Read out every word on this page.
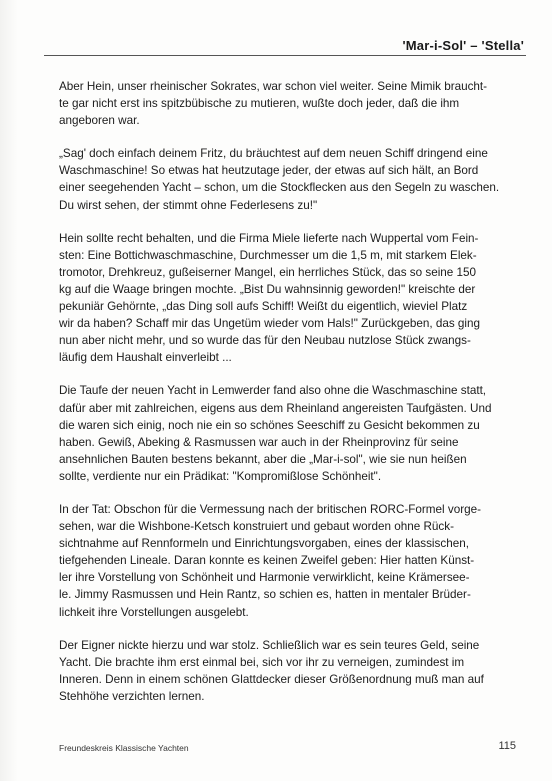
'Mar-i-Sol' – 'Stella'

Aber Hein, unser rheinischer Sokrates, war schon viel weiter. Seine Mimik braucht-
te gar nicht erst ins spitzbübische zu mutieren, wußte doch jeder, daß die ihm
angeboren war.

„Sag' doch einfach deinem Fritz, du bräuchtest auf dem neuen Schiff dringend eine
Waschmaschine! So etwas hat heutzutage jeder, der etwas auf sich hält, an Bord
einer seegehenden Yacht – schon, um die Stockflecken aus den Segeln zu waschen.
Du wirst sehen, der stimmt ohne Federlesens zu!"

Hein sollte recht behalten, und die Firma Miele lieferte nach Wuppertal vom Fein-
sten: Eine Bottichwaschmaschine, Durchmesser um die 1,5 m, mit starkem Elek-
tromotor, Drehkreuz, gußeiserner Mangel, ein herrliches Stück, das so seine 150
kg auf die Waage bringen mochte. „Bist Du wahnsinnig geworden!" kreischte der
pekuniär Gehörnte, „das Ding soll aufs Schiff! Weißt du eigentlich, wieviel Platz
wir da haben? Schaff mir das Ungetüm wieder vom Hals!" Zurückgeben, das ging
nun aber nicht mehr, und so wurde das für den Neubau nutzlose Stück zwangs-
läufig dem Haushalt einverleibt ...

Die Taufe der neuen Yacht in Lemwerder fand also ohne die Waschmaschine statt,
dafür aber mit zahlreichen, eigens aus dem Rheinland angereisten Taufgästen. Und
die waren sich einig, noch nie ein so schönes Seeschiff zu Gesicht bekommen zu
haben. Gewiß, Abeking & Rasmussen war auch in der Rheinprovinz für seine
ansehnlichen Bauten bestens bekannt, aber die „Mar-i-sol", wie sie nun heißen
sollte, verdiente nur ein Prädikat: "Kompromißlose Schönheit".

In der Tat: Obschon für die Vermessung nach der britischen RORC-Formel vorge-
sehen, war die Wishbone-Ketsch konstruiert und gebaut worden ohne Rück-
sichtnahme auf Rennformeln und Einrichtungsvorgaben, eines der klassischen,
tiefgehenden Lineale. Daran konnte es keinen Zweifel geben: Hier hatten Künst-
ler ihre Vorstellung von Schönheit und Harmonie verwirklicht, keine Krämersee-
le. Jimmy Rasmussen und Hein Rantz, so schien es, hatten in mentaler Brüder-
lichkeit ihre Vorstellungen ausgelebt.

Der Eigner nickte hierzu und war stolz. Schließlich war es sein teures Geld, seine
Yacht. Die brachte ihm erst einmal bei, sich vor ihr zu verneigen, zumindest im
Inneren. Denn in einem schönen Glattdecker dieser Größenordnung muß man auf
Stehhöhe verzichten lernen.

Freundeskreis Klassische Yachten	115
